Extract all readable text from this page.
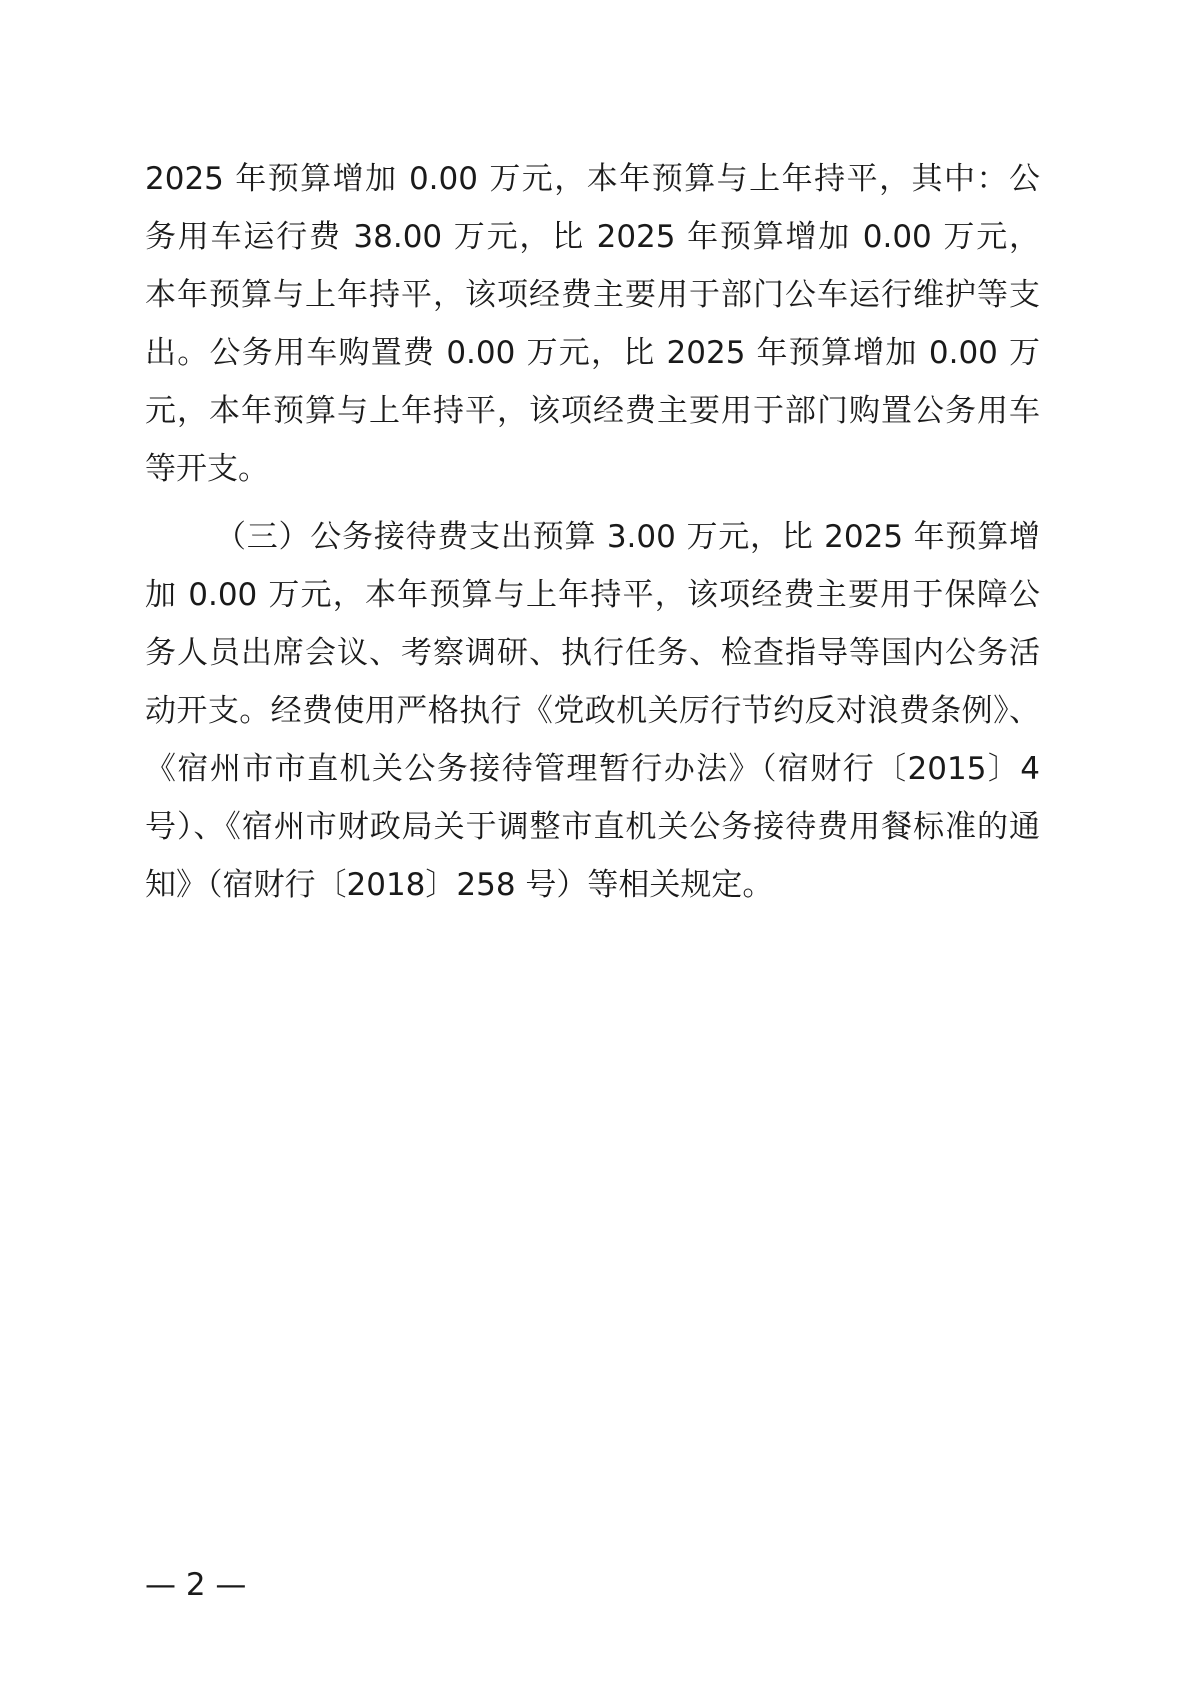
2025 年预算增加 0.00 万元，本年预算与上年持平，其中：公
务用车运行费 38.00 万元，比 2025 年预算增加 0.00 万元，
本年预算与上年持平，该项经费主要用于部门公车运行维护等支
出。公务用车购置费 0.00 万元，比 2025 年预算增加 0.00 万
元，本年预算与上年持平，该项经费主要用于部门购置公务用车
等开支。
（三）公务接待费支出预算 3.00 万元，比 2025 年预算增
加 0.00 万元，本年预算与上年持平，该项经费主要用于保障公
务人员出席会议、考察调研、执行任务、检查指导等国内公务活
动开支。经费使用严格执行《党政机关厉行节约反对浪费条例》、
《宿州市市直机关公务接待管理暂行办法》（宿财行〔2015〕4
号）、《宿州市财政局关于调整市直机关公务接待费用餐标准的通
知》（宿财行〔2018〕258 号）等相关规定。
— 2 —
